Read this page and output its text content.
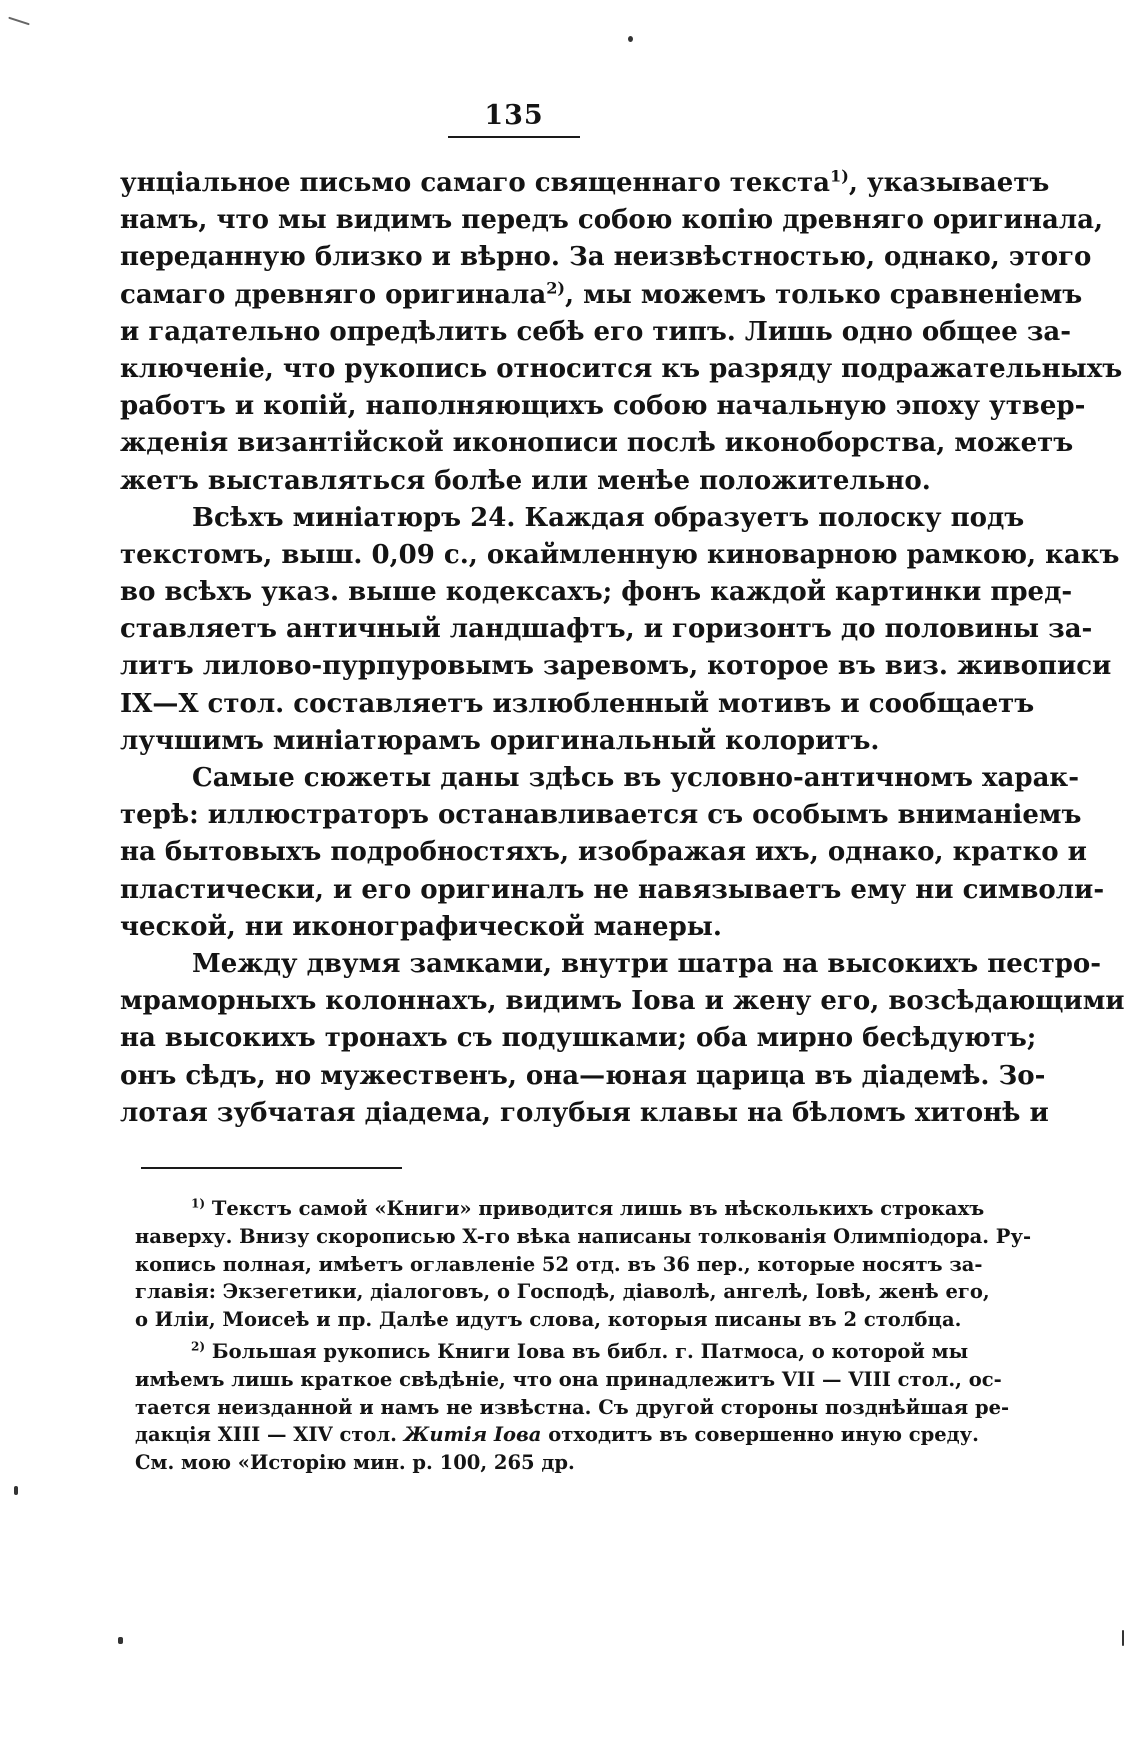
135
унціальное письмо самаго священнаго текста$^{1)}$, указываетъ
намъ, что мы видимъ передъ собою копію древняго оригинала,
переданную близко и вѣрно. За неизвѣстностью, однако, этого
самаго древняго оригинала$^{2)}$, мы можемъ только сравненіемъ
и гадательно опредѣлить себѣ его типъ. Лишь одно общее за-
ключеніе, что рукопись относится къ разряду подражательныхъ
работъ и копій, наполняющихъ собою начальную эпоху утвер-
жденія византійской иконописи послѣ иконоборства, можетъ
жетъ выставляться болѣе или менѣе положительно.
Всѣхъ миніатюръ 24. Каждая образуетъ полоску подъ
текстомъ, выш. 0,09 с., окаймленную киноварною рамкою, какъ
во всѣхъ указ. выше кодексахъ; фонъ каждой картинки пред-
ставляетъ античный ландшафтъ, и горизонтъ до половины за-
литъ лилово-пурпуровымъ заревомъ, которое въ виз. живописи
IX—X стол. составляетъ излюбленный мотивъ и сообщаетъ
лучшимъ миніатюрамъ оригинальный колоритъ.
Самые сюжеты даны здѣсь въ условно-античномъ харак-
терѣ: иллюстраторъ останавливается съ особымъ вниманіемъ
на бытовыхъ подробностяхъ, изображая ихъ, однако, кратко и
пластически, и его оригиналъ не навязываетъ ему ни символи-
ческой, ни иконографической манеры.
Между двумя замками, внутри шатра на высокихъ пестро-
мраморныхъ колоннахъ, видимъ Іова и жену его, возсѣдающими
на высокихъ тронахъ съ подушками; оба мирно бесѣдуютъ;
онъ сѣдъ, но мужественъ, она—юная царица въ діадемѣ. Зо-
лотая зубчатая діадема, голубыя клавы на бѣломъ хитонѣ и
$^{1)}$ Текстъ самой «Книги» приводится лишь въ нѣсколькихъ строкахъ
наверху. Внизу скорописью X-го вѣка написаны толкованія Олимпіодора. Ру-
копись полная, имѣетъ оглавленіе 52 отд. въ 36 пер., которые носятъ за-
главія: Экзегетики, діалоговъ, о Господѣ, діаволѣ, ангелѣ, Іовѣ, женѣ его,
о Иліи, Моисеѣ и пр. Далѣе идутъ слова, которыя писаны въ 2 столбца.
$^{2)}$ Большая рукопись Книги Іова въ библ. г. Патмоса, о которой мы
имѣемъ лишь краткое свѣдѣніе, что она принадлежитъ VII — VIII стол., ос-
тается неизданной и намъ не извѣстна. Съ другой стороны позднѣйшая ре-
дакція XIII — XIV стол. Житія Іова отходитъ въ совершенно иную среду.
См. мою «Исторію мин. р. 100, 265 др.
